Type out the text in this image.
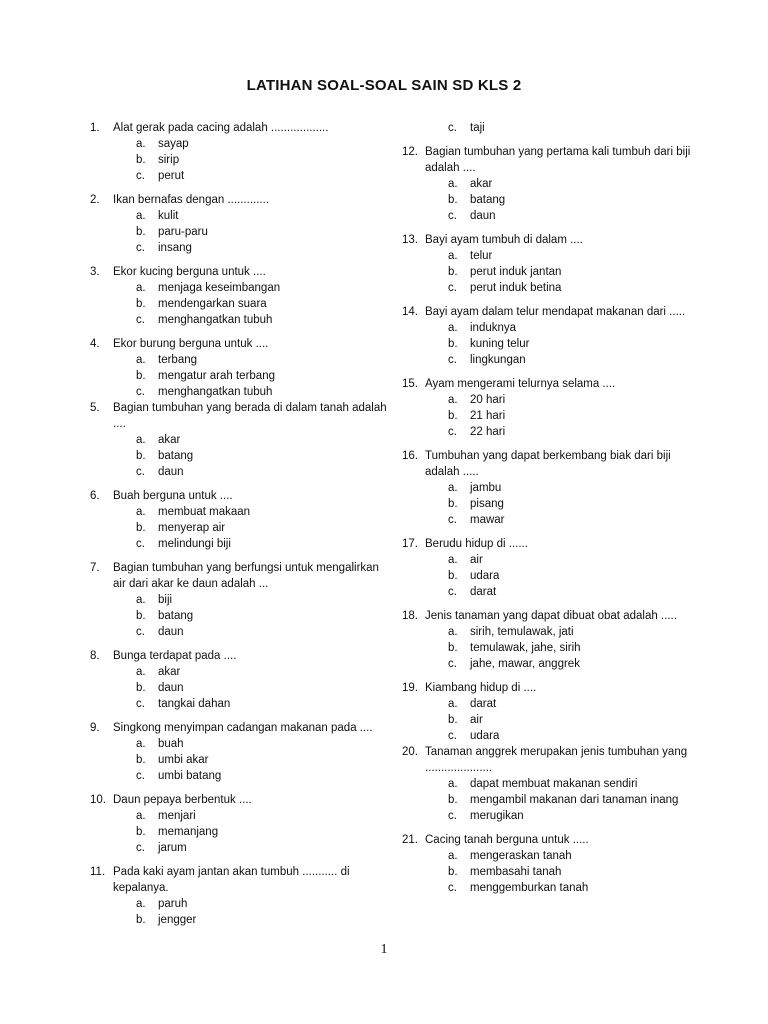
LATIHAN SOAL-SOAL SAIN SD KLS 2
1. Alat gerak pada cacing adalah ..................
a. sayap
b. sirip
c. perut
2. Ikan bernafas dengan .............
a. kulit
b. paru-paru
c. insang
3. Ekor kucing berguna untuk ....
a. menjaga keseimbangan
b. mendengarkan suara
c. menghangatkan tubuh
4. Ekor burung berguna untuk ....
a. terbang
b. mengatur arah terbang
c. menghangatkan tubuh
5. Bagian tumbuhan yang berada di dalam tanah adalah ....
a. akar
b. batang
c. daun
6. Buah berguna untuk ....
a. membuat makaan
b. menyerap air
c. melindungi biji
7. Bagian tumbuhan yang berfungsi untuk mengalirkan air dari akar ke daun adalah ...
a. biji
b. batang
c. daun
8. Bunga terdapat pada ....
a. akar
b. daun
c. tangkai dahan
9. Singkong menyimpan cadangan makanan pada ....
a. buah
b. umbi akar
c. umbi batang
10. Daun pepaya berbentuk ....
a. menjari
b. memanjang
c. jarum
11. Pada kaki ayam jantan akan tumbuh ........... di kepalanya.
a. paruh
b. jengger
c. taji
12. Bagian tumbuhan yang pertama kali tumbuh dari biji adalah ....
a. akar
b. batang
c. daun
13. Bayi ayam tumbuh di dalam ....
a. telur
b. perut induk jantan
c. perut induk betina
14. Bayi ayam dalam telur mendapat makanan dari .....
a. induknya
b. kuning telur
c. lingkungan
15. Ayam mengerami telurnya selama ....
a. 20 hari
b. 21 hari
c. 22 hari
16. Tumbuhan yang dapat berkembang biak dari biji adalah .....
a. jambu
b. pisang
c. mawar
17. Berudu hidup di ......
a. air
b. udara
c. darat
18. Jenis tanaman yang dapat dibuat obat adalah .....
a. sirih, temulawak, jati
b. temulawak, jahe, sirih
c. jahe, mawar, anggrek
19. Kiambang hidup di ....
a. darat
b. air
c. udara
20. Tanaman anggrek merupakan jenis tumbuhan yang .....................
a. dapat membuat makanan sendiri
b. mengambil makanan dari tanaman inang
c. merugikan
21. Cacing tanah berguna untuk .....
a. mengeraskan tanah
b. membasahi tanah
c. menggemburkan tanah
1
